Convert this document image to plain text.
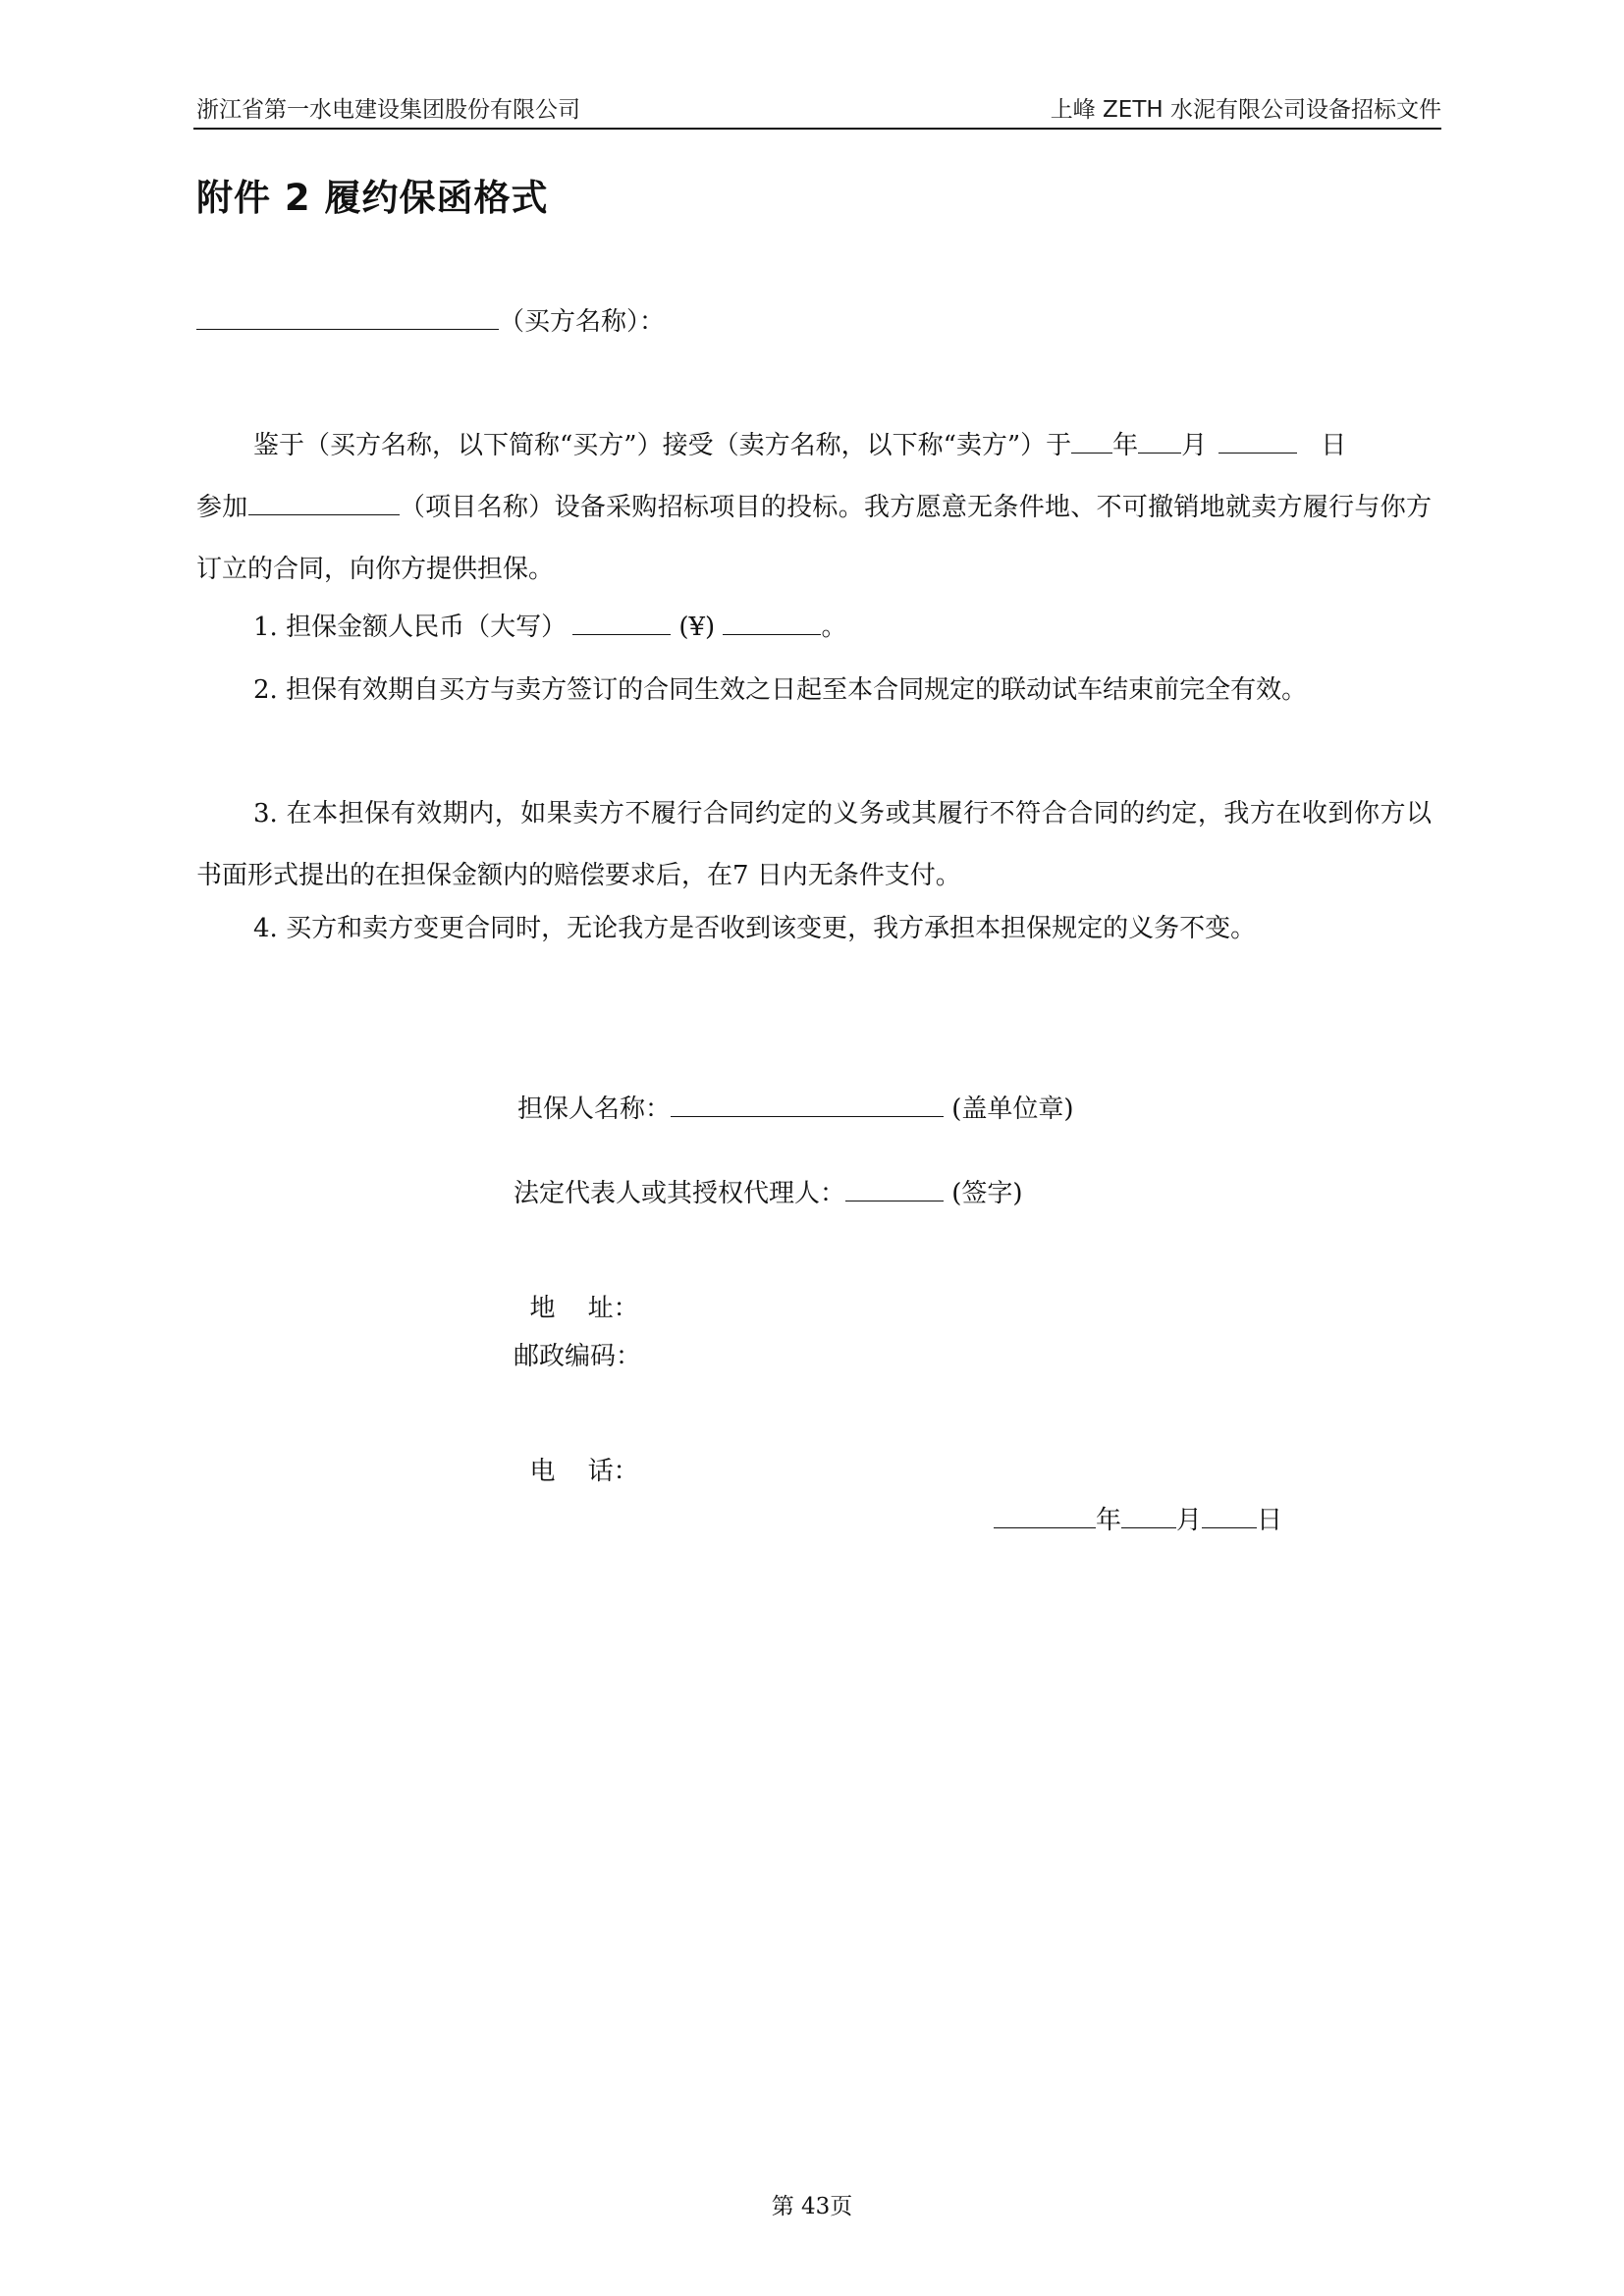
浙江省第一水电建设集团股份有限公司	上峰 ZETH 水泥有限公司设备招标文件
附件 2 履约保函格式
（买方名称）：
鉴于（买方名称，以下简称“买方”）接受（卖方名称，以下称“卖方”）于 年 月	日
参加	（项目名称）设备采购招标项目的投标。我方愿意无条件地、不可撤销地就卖方履行与你方订立的合同，向你方提供担保。
1. 担保金额人民币（大写）	(¥)	。
2. 担保有效期自买方与卖方签订的合同生效之日起至本合同规定的联动试车结束前完全有效。
3. 在本担保有效期内，如果卖方不履行合同约定的义务或其履行不符合合同的约定，我方在收到你方以书面形式提出的在担保金额内的赔偿要求后，在7 日内无条件支付。
4. 买方和卖方变更合同时，无论我方是否收到该变更，我方承担本担保规定的义务不变。
担保人名称：	(盖单位章)
法定代表人或其授权代理人：	(签字)

地    址：

邮政编码：

电    话：

年 月 日
第 43页
